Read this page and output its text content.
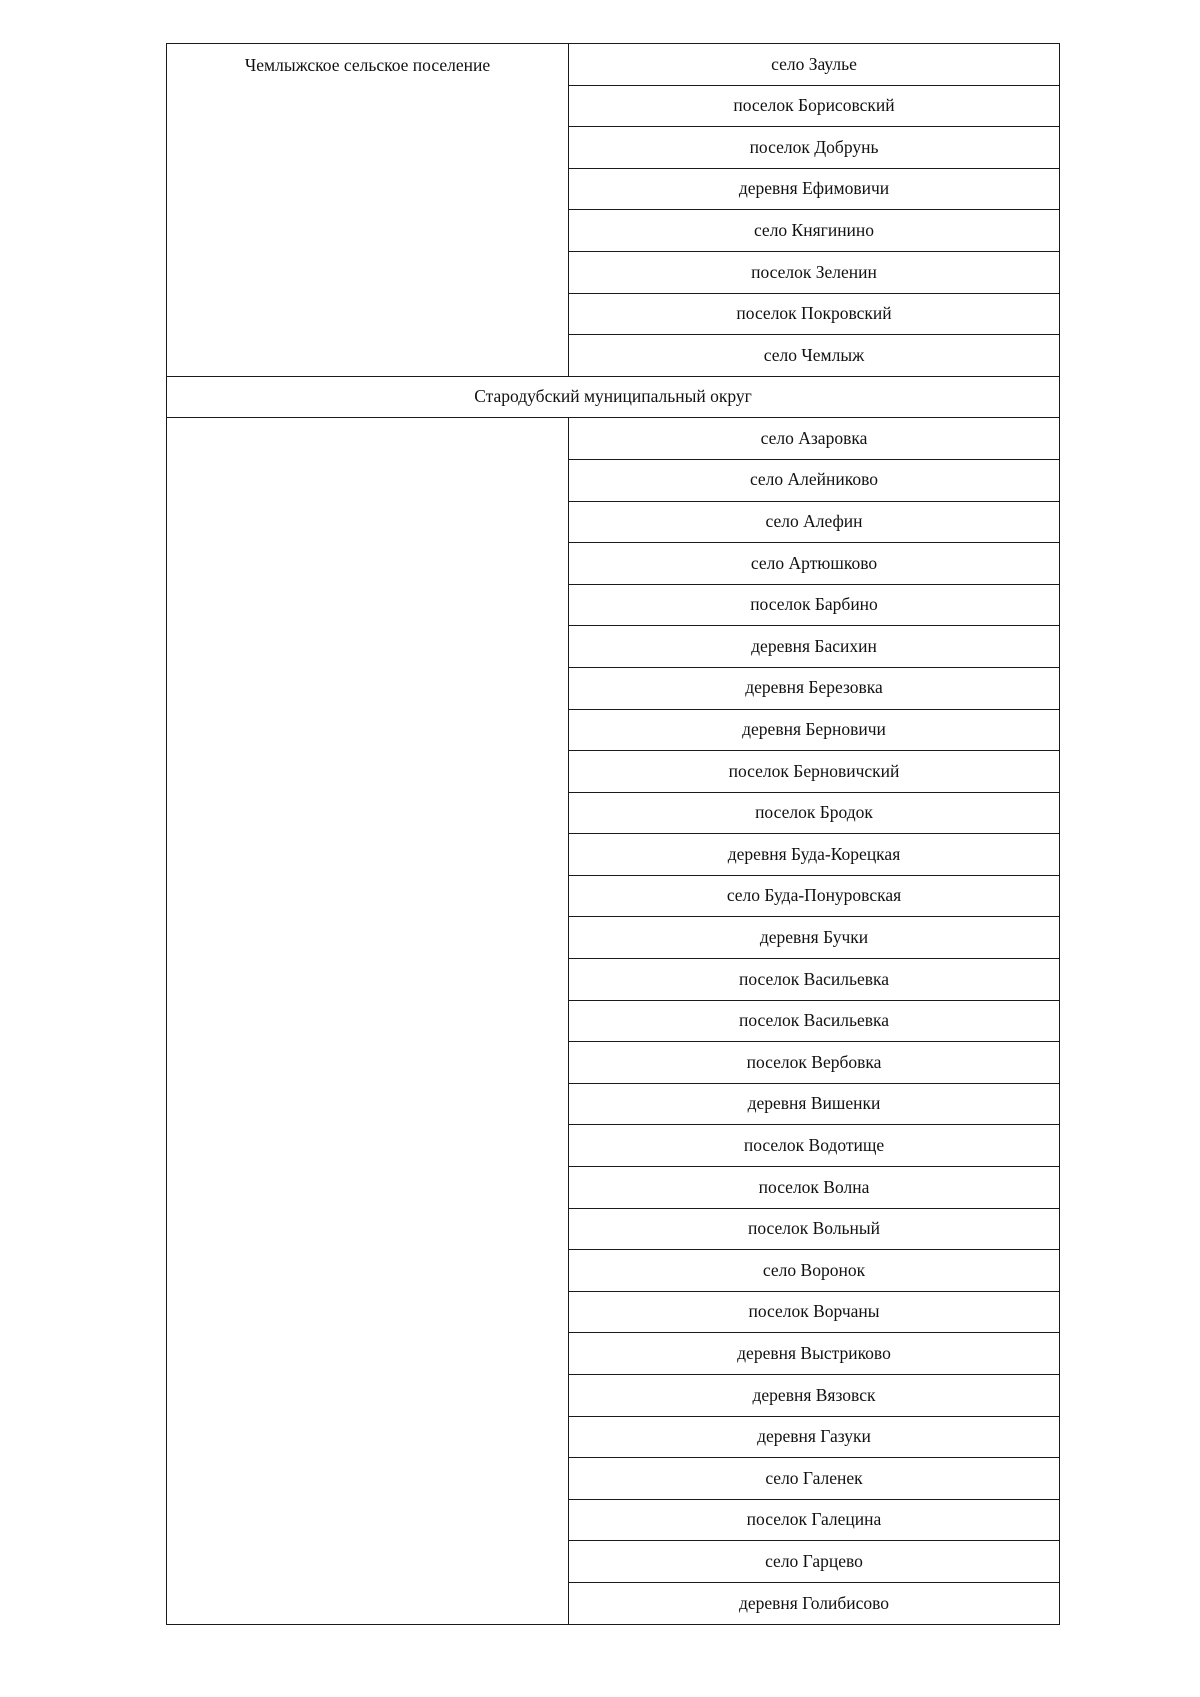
Чемлыжское сельское поселение	село Заулье
	поселок Борисовский
	поселок Добрунь
	деревня Ефимовичи
	село Княгинино
	поселок Зеленин
	поселок Покровский
	село Чемлыж
Стародубский муниципальный округ	

	село Азаровка
	село Алейниково
	село Алефин
	село Артюшково
	поселок Барбино
	деревня Басихин
	деревня Березовка
	деревня Берновичи
	поселок Берновичский
	поселок Бродок
	деревня Буда-Корецкая
	село Буда-Понуровская
	деревня Бучки
	поселок Васильевка
	поселок Васильевка
	поселок Вербовка
	деревня Вишенки
	поселок Водотище
	поселок Волна
	поселок Вольный
	село Воронок
	поселок Ворчаны
	деревня Выстриково
	деревня Вязовск
	деревня Газуки
	село Галенек
	поселок Галецина
	село Гарцево
	деревня Голибисово
